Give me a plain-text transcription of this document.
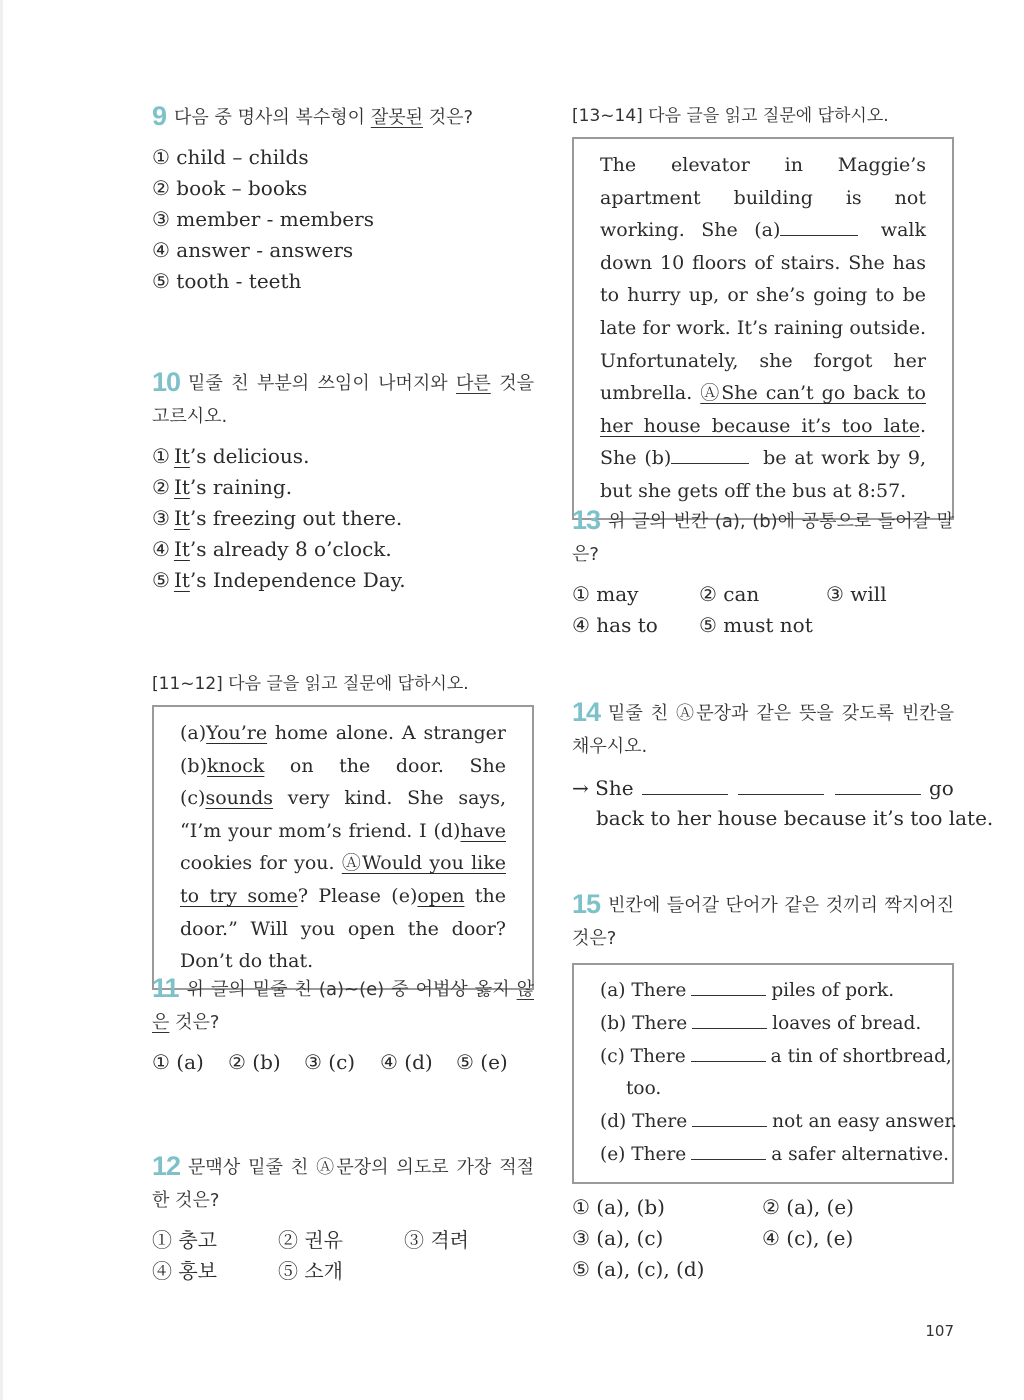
9 다음 중 명사의 복수형이 잘못된 것은?
① child – childs
② book – books
③ member - members
④ answer - answers
⑤ tooth - teeth
10 밑줄 친 부분의 쓰임이 나머지와 다른 것을 고르시오.
① It’s delicious.
② It’s raining.
③ It’s freezing out there.
④ It’s already 8 o’clock.
⑤ It’s Independence Day.
[11~12] 다음 글을 읽고 질문에 답하시오.
(a)You’re home alone. A stranger (b)knock on the door. She (c)sounds very kind. She says, “I’m your mom’s friend. I (d)have cookies for you. ⒶWould you like to try some? Please (e)open the door.” Will you open the door? Don’t do that.
11 위 글의 밑줄 친 (a)~(e) 중 어법상 옳지 않은 것은?
① (a)	② (b)	③ (c)	④ (d)	⑤ (e)
12 문맥상 밑줄 친 Ⓐ문장의 의도로 가장 적절한 것은?
① 충고	② 권유	③ 격려
④ 홍보	⑤ 소개
[13~14] 다음 글을 읽고 질문에 답하시오.
The elevator in Maggie’s apartment building is not working. She (a)	walk down 10 floors of stairs. She has to hurry up, or she’s going to be late for work. It’s raining outside. Unfortunately, she forgot her umbrella. ⒶShe can’t go back to her house because it’s too late. She (b)	be at work by 9, but she gets off the bus at 8:57.
13 위 글의 빈칸 (a), (b)에 공통으로 들어갈 말은?
① may	② can	③ will
④ has to	⑤ must not
14 밑줄 친 Ⓐ문장과 같은 뜻을 갖도록 빈칸을 채우시오.
→ She	go
back to her house because it’s too late.
15 빈칸에 들어갈 단어가 같은 것끼리 짝지어진 것은?
(a) There	piles of pork.
(b) There	loaves of bread.
(c) There	a tin of shortbread,
too.
(d) There	not an easy answer.
(e) There	a safer alternative.
① (a), (b)	② (a), (e)
③ (a), (c)	④ (c), (e)
⑤ (a), (c), (d)
107
